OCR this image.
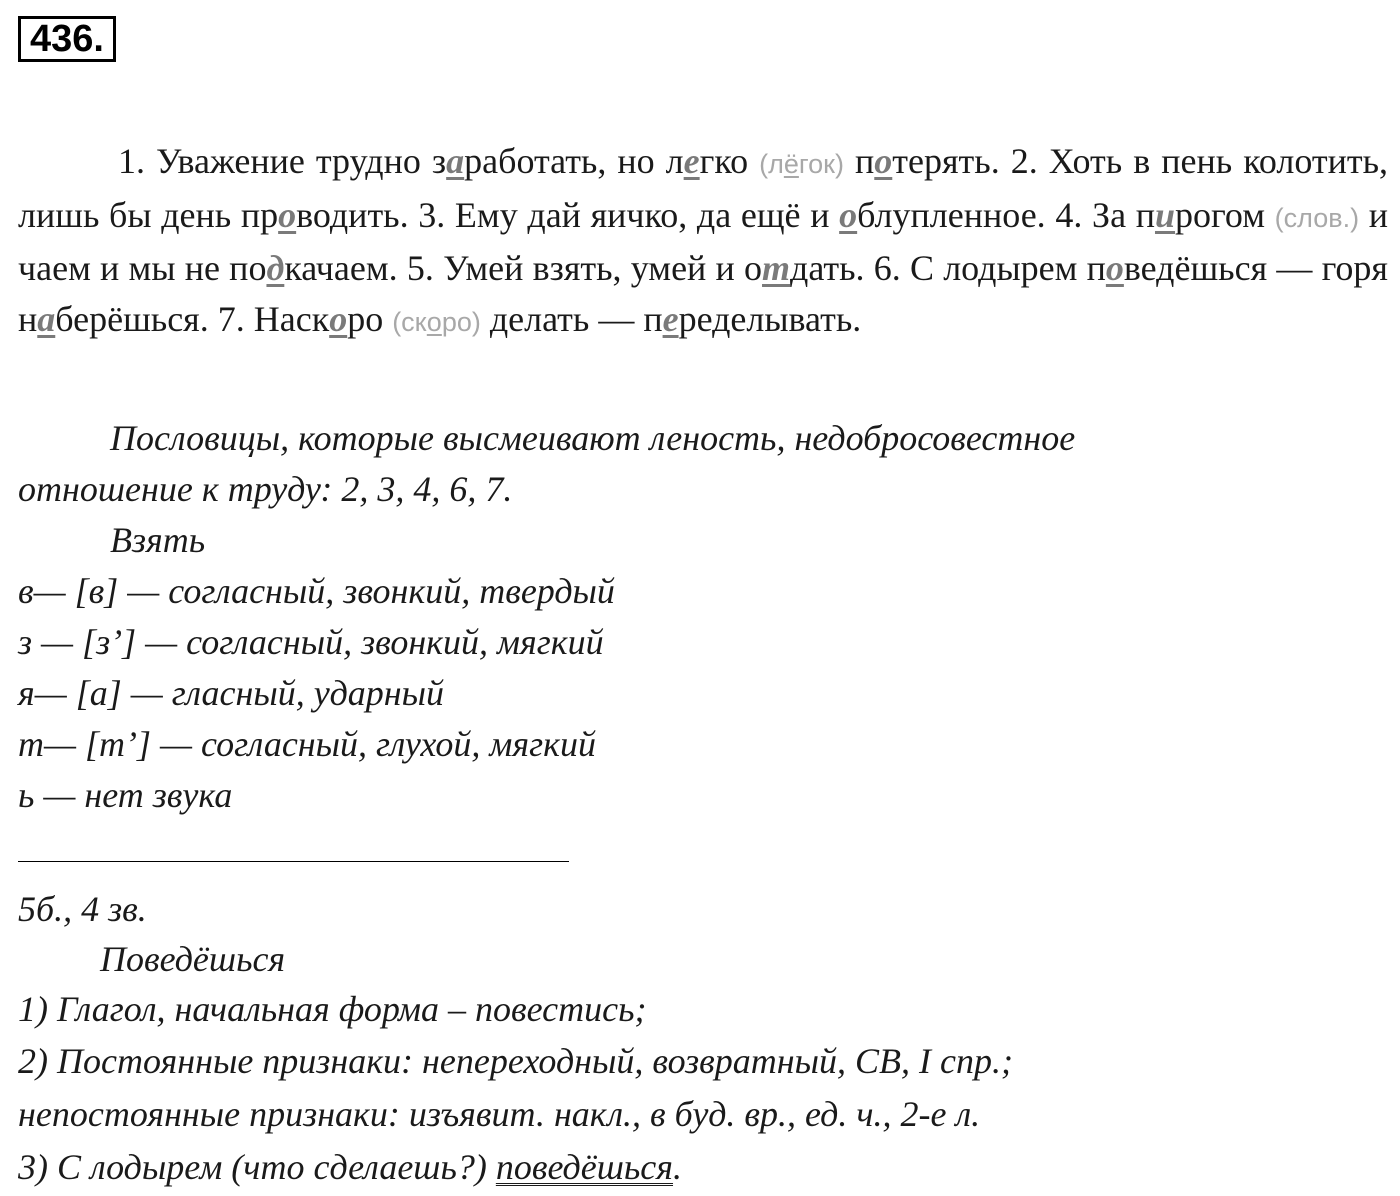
436.
1. Уважение трудно заработать, но легко (лёгок) потерять. 2. Хоть в пень колотить, лишь бы день проводить. 3. Ему дай яичко, да ещё и облупленное. 4. За пирогом (слов.) и чаем и мы не подкачаем. 5. Умей взять, умей и отдать. 6. С лодырем поведёшься — горя наберёшься. 7. Наскоро (скоро) делать — переделывать.
Пословицы, которые высмеивают леность, недобросовестное
отношение к труду: 2, 3, 4, 6, 7.
Взять
в— [в] — согласный, звонкий, твердый
з — [з’] — согласный, звонкий, мягкий
я— [а] — гласный, ударный
т— [т’] — согласный, глухой, мягкий
ь — нет звука
5б., 4 зв.
Поведёшься
1) Глагол, начальная форма – повестись;
2) Постоянные признаки: непереходный, возвратный, СВ, I спр.;
непостоянные признаки: изъявит. накл., в буд. вр., ед. ч., 2-е л.
3) С лодырем (что сделаешь?) поведёшься.
